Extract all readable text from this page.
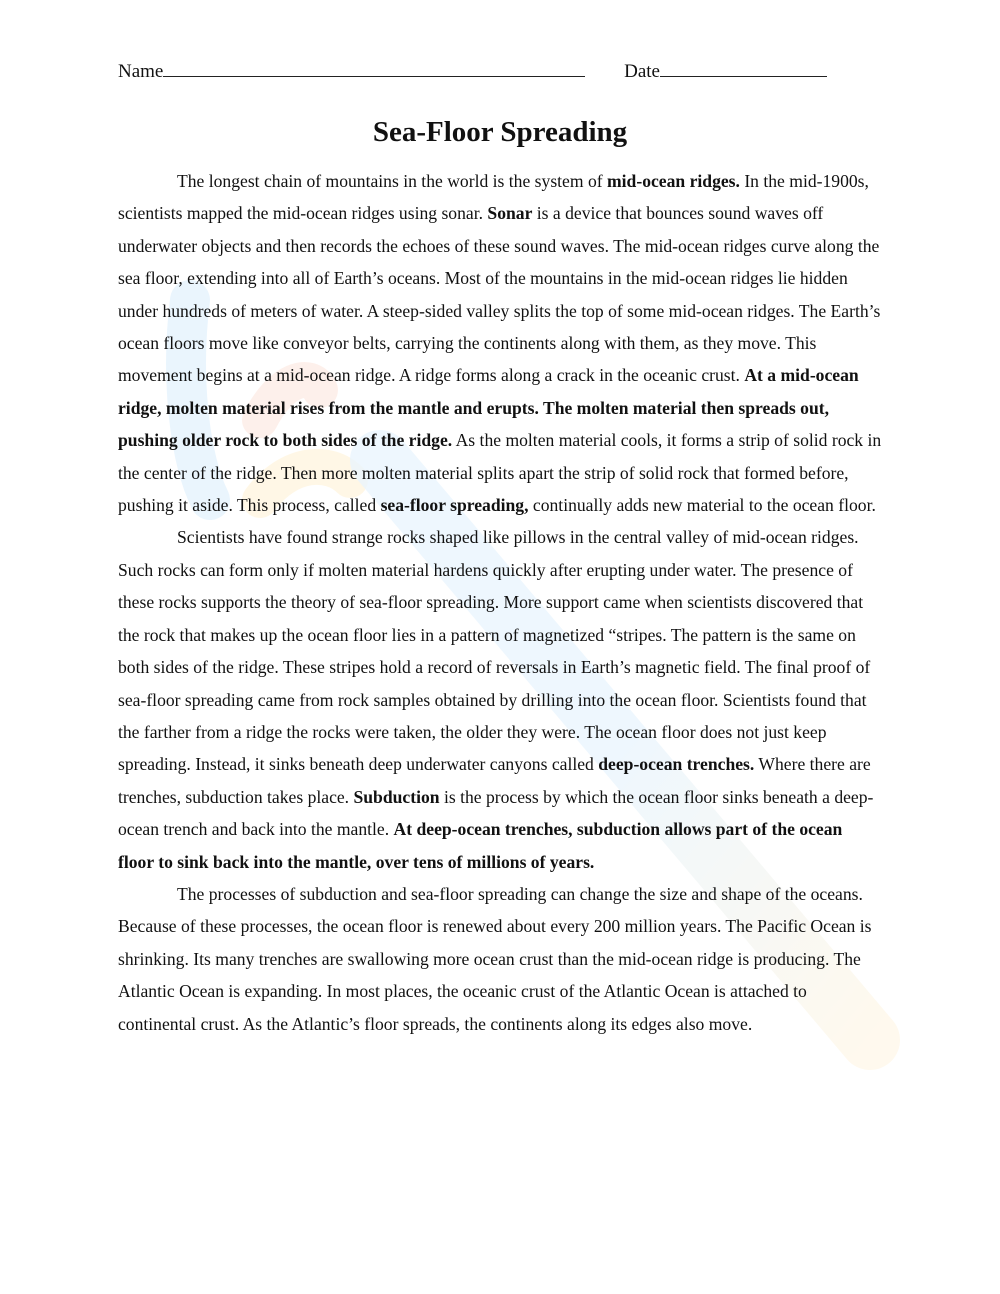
Name	Date
Sea-Floor Spreading

The longest chain of mountains in the world is the system of mid-ocean ridges. In the mid-1900s, scientists mapped the mid-ocean ridges using sonar. Sonar is a device that bounces sound waves off underwater objects and then records the echoes of these sound waves. The mid-ocean ridges curve along the sea floor, extending into all of Earth’s oceans. Most of the mountains in the mid-ocean ridges lie hidden under hundreds of meters of water. A steep-sided valley splits the top of some mid-ocean ridges. The Earth’s ocean floors move like conveyor belts, carrying the continents along with them, as they move. This movement begins at a mid-ocean ridge. A ridge forms along a crack in the oceanic crust. At a mid-ocean ridge, molten material rises from the mantle and erupts. The molten material then spreads out, pushing older rock to both sides of the ridge. As the molten material cools, it forms a strip of solid rock in the center of the ridge. Then more molten material splits apart the strip of solid rock that formed before, pushing it aside. This process, called sea-floor spreading, continually adds new material to the ocean floor.

Scientists have found strange rocks shaped like pillows in the central valley of mid-ocean ridges. Such rocks can form only if molten material hardens quickly after erupting under water. The presence of these rocks supports the theory of sea-floor spreading. More support came when scientists discovered that the rock that makes up the ocean floor lies in a pattern of magnetized “stripes. The pattern is the same on both sides of the ridge. These stripes hold a record of reversals in Earth’s magnetic field. The final proof of sea-floor spreading came from rock samples obtained by drilling into the ocean floor. Scientists found that the farther from a ridge the rocks were taken, the older they were. The ocean floor does not just keep spreading. Instead, it sinks beneath deep underwater canyons called deep-ocean trenches. Where there are trenches, subduction takes place. Subduction is the process by which the ocean floor sinks beneath a deep-ocean trench and back into the mantle. At deep-ocean trenches, subduction allows part of the ocean floor to sink back into the mantle, over tens of millions of years.

The processes of subduction and sea-floor spreading can change the size and shape of the oceans. Because of these processes, the ocean floor is renewed about every 200 million years. The Pacific Ocean is shrinking. Its many trenches are swallowing more ocean crust than the mid-ocean ridge is producing. The Atlantic Ocean is expanding. In most places, the oceanic crust of the Atlantic Ocean is attached to continental crust. As the Atlantic’s floor spreads, the continents along its edges also move.
